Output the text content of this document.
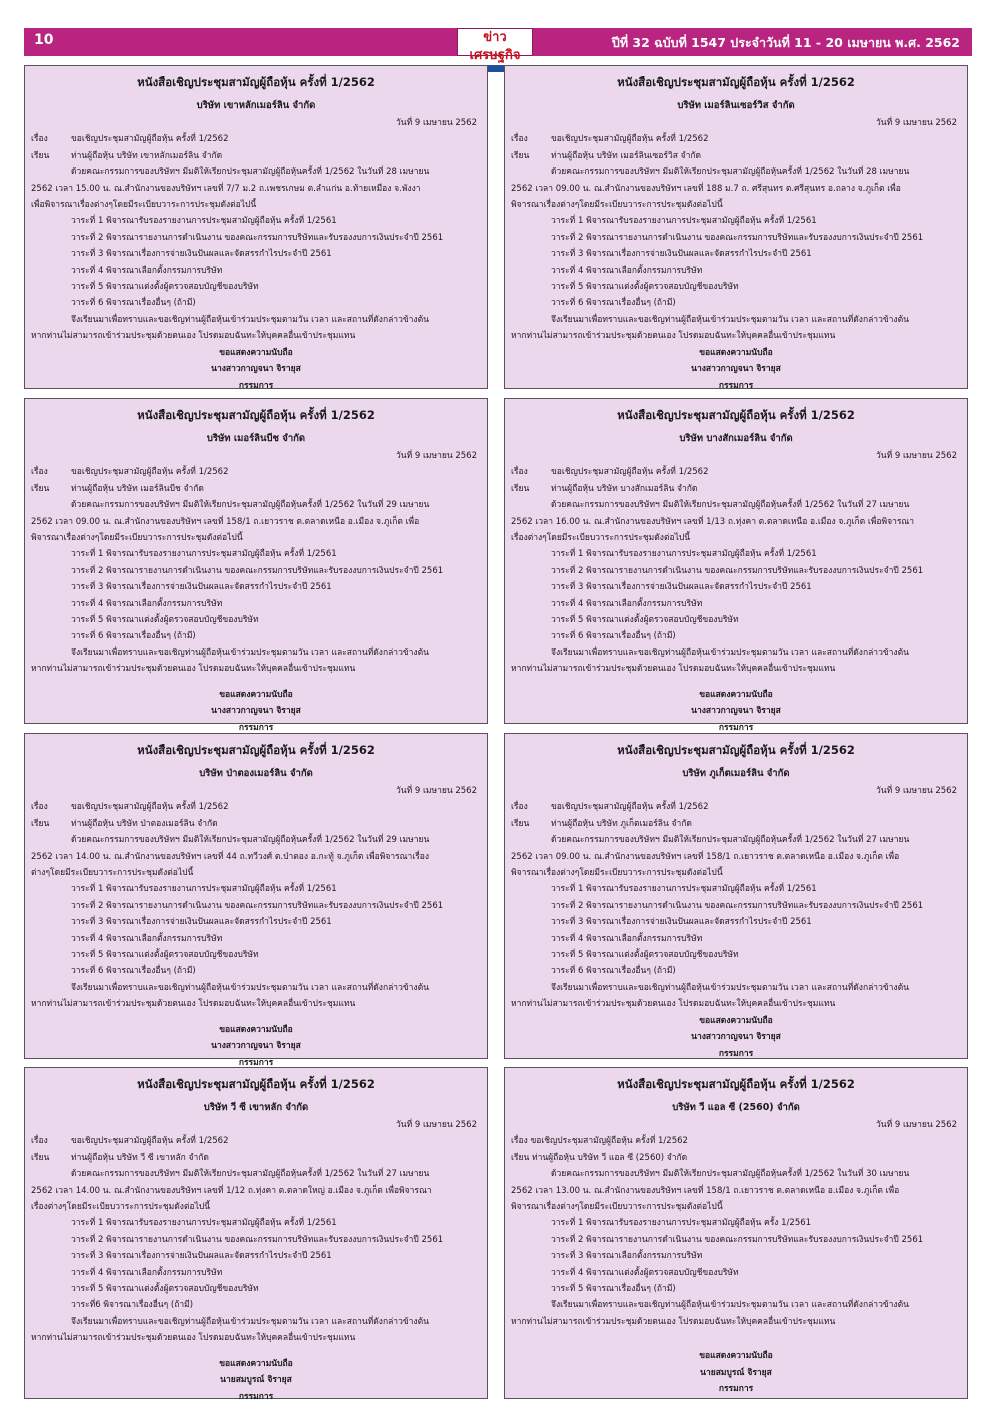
10	ข่าวเศรษฐกิจ
ปีที่ 32 ฉบับที่ 1547 ประจำวันที่ 11 - 20 เมษายน พ.ศ. 2562
หนังสือเชิญประชุมสามัญผู้ถือหุ้น ครั้งที่ 1/2562
บริษัท เขาหลักเมอร์ลิน จำกัด
วันที่ 9 เมษายน 2562
เรื่อง	ขอเชิญประชุมสามัญผู้ถือหุ้น ครั้งที่ 1/2562
เรียน	ท่านผู้ถือหุ้น บริษัท เขาหลักเมอร์ลิน จำกัด
ด้วยคณะกรรมการของบริษัทฯ มีมติให้เรียกประชุมสามัญผู้ถือหุ้นครั้งที่ 1/2562 ในวันที่ 28 เมษายน
2562 เวลา 15.00 น. ณ.สำนักงานของบริษัทฯ เลขที่ 7/7 ม.2 ถ.เพชรเกษม ต.ลำแก่น อ.ท้ายเหมือง จ.พังงา
เพื่อพิจารณาเรื่องต่างๆโดยมีระเบียบวาระการประชุมดังต่อไปนี้
วาระที่ 1 พิจารณารับรองรายงานการประชุมสามัญผู้ถือหุ้น ครั้งที่ 1/2561
วาระที่ 2 พิจารณารายงานการดำเนินงาน ของคณะกรรมการบริษัทและรับรองงบการเงินประจำปี 2561
วาระที่ 3 พิจารณาเรื่องการจ่ายเงินปันผลและจัดสรรกำไรประจำปี 2561
วาระที่ 4 พิจารณาเลือกตั้งกรรมการบริษัท
วาระที่ 5 พิจารณาแต่งตั้งผู้ตรวจสอบบัญชีของบริษัท
วาระที่ 6 พิจารณาเรื่องอื่นๆ (ถ้ามี)
จึงเรียนมาเพื่อทราบและขอเชิญท่านผู้ถือหุ้นเข้าร่วมประชุมตามวัน เวลา และสถานที่ดังกล่าวข้างต้น
หากท่านไม่สามารถเข้าร่วมประชุมด้วยตนเอง โปรดมอบฉันทะให้บุคคลอื่นเข้าประชุมแทน
ขอแสดงความนับถือ
นางสาวกาญจนา จิรายุส
กรรมการ
หนังสือเชิญประชุมสามัญผู้ถือหุ้น ครั้งที่ 1/2562
บริษัท เมอร์ลินเซอร์วิส จำกัด
วันที่ 9 เมษายน 2562
เรื่อง	ขอเชิญประชุมสามัญผู้ถือหุ้น ครั้งที่ 1/2562
เรียน	ท่านผู้ถือหุ้น บริษัท เมอร์ลินเซอร์วิส จำกัด
ด้วยคณะกรรมการของบริษัทฯ มีมติให้เรียกประชุมสามัญผู้ถือหุ้นครั้งที่ 1/2562 ในวันที่ 28 เมษายน
2562 เวลา 09.00 น. ณ.สำนักงานของบริษัทฯ เลขที่ 188 ม.7 ถ. ศรีสุนทร ต.ศรีสุนทร อ.ถลาง จ.ภูเก็ต เพื่อ
พิจารณาเรื่องต่างๆโดยมีระเบียบวาระการประชุมดังต่อไปนี้
วาระที่ 1 พิจารณารับรองรายงานการประชุมสามัญผู้ถือหุ้น ครั้งที่ 1/2561
วาระที่ 2 พิจารณารายงานการดำเนินงาน ของคณะกรรมการบริษัทและรับรองงบการเงินประจำปี 2561
วาระที่ 3 พิจารณาเรื่องการจ่ายเงินปันผลและจัดสรรกำไรประจำปี 2561
วาระที่ 4 พิจารณาเลือกตั้งกรรมการบริษัท
วาระที่ 5 พิจารณาแต่งตั้งผู้ตรวจสอบบัญชีของบริษัท
วาระที่ 6 พิจารณาเรื่องอื่นๆ (ถ้ามี)
จึงเรียนมาเพื่อทราบและขอเชิญท่านผู้ถือหุ้นเข้าร่วมประชุมตามวัน เวลา และสถานที่ดังกล่าวข้างต้น
หากท่านไม่สามารถเข้าร่วมประชุมด้วยตนเอง โปรดมอบฉันทะให้บุคคลอื่นเข้าประชุมแทน
ขอแสดงความนับถือ
นางสาวกาญจนา จิรายุส
กรรมการ
หนังสือเชิญประชุมสามัญผู้ถือหุ้น ครั้งที่ 1/2562
บริษัท เมอร์ลินบีช จำกัด
วันที่ 9 เมษายน 2562
เรื่อง	ขอเชิญประชุมสามัญผู้ถือหุ้น ครั้งที่ 1/2562
เรียน	ท่านผู้ถือหุ้น บริษัท เมอร์ลินบีช จำกัด
ด้วยคณะกรรมการของบริษัทฯ มีมติให้เรียกประชุมสามัญผู้ถือหุ้นครั้งที่ 1/2562 ในวันที่ 29 เมษายน
2562 เวลา 09.00 น. ณ.สำนักงานของบริษัทฯ เลขที่ 158/1 ถ.เยาวราช ต.ตลาดเหนือ อ.เมือง จ.ภูเก็ต เพื่อ
พิจารณาเรื่องต่างๆโดยมีระเบียบวาระการประชุมดังต่อไปนี้
วาระที่ 1 พิจารณารับรองรายงานการประชุมสามัญผู้ถือหุ้น ครั้งที่ 1/2561
วาระที่ 2 พิจารณารายงานการดำเนินงาน ของคณะกรรมการบริษัทและรับรองงบการเงินประจำปี 2561
วาระที่ 3 พิจารณาเรื่องการจ่ายเงินปันผลและจัดสรรกำไรประจำปี 2561
วาระที่ 4 พิจารณาเลือกตั้งกรรมการบริษัท
วาระที่ 5 พิจารณาแต่งตั้งผู้ตรวจสอบบัญชีของบริษัท
วาระที่ 6 พิจารณาเรื่องอื่นๆ (ถ้ามี)
จึงเรียนมาเพื่อทราบและขอเชิญท่านผู้ถือหุ้นเข้าร่วมประชุมตามวัน เวลา และสถานที่ดังกล่าวข้างต้น
หากท่านไม่สามารถเข้าร่วมประชุมด้วยตนเอง โปรดมอบฉันทะให้บุคคลอื่นเข้าประชุมแทน
ขอแสดงความนับถือ
นางสาวกาญจนา จิรายุส
กรรมการ
หนังสือเชิญประชุมสามัญผู้ถือหุ้น ครั้งที่ 1/2562
บริษัท บางสักเมอร์ลิน จำกัด
วันที่ 9 เมษายน 2562
เรื่อง	ขอเชิญประชุมสามัญผู้ถือหุ้น ครั้งที่ 1/2562
เรียน	ท่านผู้ถือหุ้น บริษัท บางสักเมอร์ลิน จำกัด
ด้วยคณะกรรมการของบริษัทฯ มีมติให้เรียกประชุมสามัญผู้ถือหุ้นครั้งที่ 1/2562 ในวันที่ 27 เมษายน
2562 เวลา 16.00 น. ณ.สำนักงานของบริษัทฯ เลขที่ 1/13 ถ.ทุ่งคา ต.ตลาดเหนือ อ.เมือง จ.ภูเก็ต เพื่อพิจารณา
เรื่องต่างๆโดยมีระเบียบวาระการประชุมดังต่อไปนี้
วาระที่ 1 พิจารณารับรองรายงานการประชุมสามัญผู้ถือหุ้น ครั้งที่ 1/2561
วาระที่ 2 พิจารณารายงานการดำเนินงาน ของคณะกรรมการบริษัทและรับรองงบการเงินประจำปี 2561
วาระที่ 3 พิจารณาเรื่องการจ่ายเงินปันผลและจัดสรรกำไรประจำปี 2561
วาระที่ 4 พิจารณาเลือกตั้งกรรมการบริษัท
วาระที่ 5 พิจารณาแต่งตั้งผู้ตรวจสอบบัญชีของบริษัท
วาระที่ 6 พิจารณาเรื่องอื่นๆ (ถ้ามี)
จึงเรียนมาเพื่อทราบและขอเชิญท่านผู้ถือหุ้นเข้าร่วมประชุมตามวัน เวลา และสถานที่ดังกล่าวข้างต้น
หากท่านไม่สามารถเข้าร่วมประชุมด้วยตนเอง โปรดมอบฉันทะให้บุคคลอื่นเข้าประชุมแทน
ขอแสดงความนับถือ
นางสาวกาญจนา จิรายุส
กรรมการ
หนังสือเชิญประชุมสามัญผู้ถือหุ้น ครั้งที่ 1/2562
บริษัท ป่าตองเมอร์ลิน จำกัด
วันที่ 9 เมษายน 2562
เรื่อง	ขอเชิญประชุมสามัญผู้ถือหุ้น ครั้งที่ 1/2562
เรียน	ท่านผู้ถือหุ้น บริษัท ป่าตองเมอร์ลิน จำกัด
ด้วยคณะกรรมการของบริษัทฯ มีมติให้เรียกประชุมสามัญผู้ถือหุ้นครั้งที่ 1/2562 ในวันที่ 29 เมษายน
2562 เวลา 14.00 น. ณ.สำนักงานของบริษัทฯ เลขที่ 44 ถ.ทวีวงศ์ ต.ป่าตอง อ.กะทู้ จ.ภูเก็ต เพื่อพิจารณาเรื่อง
ต่างๆโดยมีระเบียบวาระการประชุมดังต่อไปนี้
วาระที่ 1 พิจารณารับรองรายงานการประชุมสามัญผู้ถือหุ้น ครั้งที่ 1/2561
วาระที่ 2 พิจารณารายงานการดำเนินงาน ของคณะกรรมการบริษัทและรับรองงบการเงินประจำปี 2561
วาระที่ 3 พิจารณาเรื่องการจ่ายเงินปันผลและจัดสรรกำไรประจำปี 2561
วาระที่ 4 พิจารณาเลือกตั้งกรรมการบริษัท
วาระที่ 5 พิจารณาแต่งตั้งผู้ตรวจสอบบัญชีของบริษัท
วาระที่ 6 พิจารณาเรื่องอื่นๆ (ถ้ามี)
จึงเรียนมาเพื่อทราบและขอเชิญท่านผู้ถือหุ้นเข้าร่วมประชุมตามวัน เวลา และสถานที่ดังกล่าวข้างต้น
หากท่านไม่สามารถเข้าร่วมประชุมด้วยตนเอง โปรดมอบฉันทะให้บุคคลอื่นเข้าประชุมแทน
ขอแสดงความนับถือ
นางสาวกาญจนา จิรายุส
กรรมการ
หนังสือเชิญประชุมสามัญผู้ถือหุ้น ครั้งที่ 1/2562
บริษัท ภูเก็ตเมอร์ลิน จำกัด
วันที่ 9 เมษายน 2562
เรื่อง	ขอเชิญประชุมสามัญผู้ถือหุ้น ครั้งที่ 1/2562
เรียน	ท่านผู้ถือหุ้น บริษัท ภูเก็ตเมอร์ลิน จำกัด
ด้วยคณะกรรมการของบริษัทฯ มีมติให้เรียกประชุมสามัญผู้ถือหุ้นครั้งที่ 1/2562 ในวันที่ 27 เมษายน
2562 เวลา 09.00 น. ณ.สำนักงานของบริษัทฯ เลขที่ 158/1 ถ.เยาวราช ต.ตลาดเหนือ อ.เมือง จ.ภูเก็ต เพื่อ
พิจารณาเรื่องต่างๆโดยมีระเบียบวาระการประชุมดังต่อไปนี้
วาระที่ 1 พิจารณารับรองรายงานการประชุมสามัญผู้ถือหุ้น ครั้งที่ 1/2561
วาระที่ 2 พิจารณารายงานการดำเนินงาน ของคณะกรรมการบริษัทและรับรองงบการเงินประจำปี 2561
วาระที่ 3 พิจารณาเรื่องการจ่ายเงินปันผลและจัดสรรกำไรประจำปี 2561
วาระที่ 4 พิจารณาเลือกตั้งกรรมการบริษัท
วาระที่ 5 พิจารณาแต่งตั้งผู้ตรวจสอบบัญชีของบริษัท
วาระที่ 6 พิจารณาเรื่องอื่นๆ (ถ้ามี)
จึงเรียนมาเพื่อทราบและขอเชิญท่านผู้ถือหุ้นเข้าร่วมประชุมตามวัน เวลา และสถานที่ดังกล่าวข้างต้น
หากท่านไม่สามารถเข้าร่วมประชุมด้วยตนเอง โปรดมอบฉันทะให้บุคคลอื่นเข้าประชุมแทน
ขอแสดงความนับถือ
นางสาวกาญจนา จิรายุส
กรรมการ
หนังสือเชิญประชุมสามัญผู้ถือหุ้น ครั้งที่ 1/2562
บริษัท วี ซี เขาหลัก จำกัด
วันที่ 9 เมษายน 2562
เรื่อง	ขอเชิญประชุมสามัญผู้ถือหุ้น ครั้งที่ 1/2562
เรียน	ท่านผู้ถือหุ้น บริษัท วี ซี เขาหลัก จำกัด
ด้วยคณะกรรมการของบริษัทฯ มีมติให้เรียกประชุมสามัญผู้ถือหุ้นครั้งที่ 1/2562 ในวันที่ 27 เมษายน
2562 เวลา 14.00 น. ณ.สำนักงานของบริษัทฯ เลขที่ 1/12 ถ.ทุ่งคา ต.ตลาดใหญ่ อ.เมือง จ.ภูเก็ต เพื่อพิจารณา
เรื่องต่างๆโดยมีระเบียบวาระการประชุมดังต่อไปนี้
วาระที่ 1 พิจารณารับรองรายงานการประชุมสามัญผู้ถือหุ้น ครั้งที่ 1/2561
วาระที่ 2 พิจารณารายงานการดำเนินงาน ของคณะกรรมการบริษัทและรับรองงบการเงินประจำปี 2561
วาระที่ 3 พิจารณาเรื่องการจ่ายเงินปันผลและจัดสรรกำไรประจำปี 2561
วาระที่ 4 พิจารณาเลือกตั้งกรรมการบริษัท
วาระที่ 5 พิจารณาแต่งตั้งผู้ตรวจสอบบัญชีของบริษัท
วาระที่6 พิจารณาเรื่องอื่นๆ (ถ้ามี)
จึงเรียนมาเพื่อทราบและขอเชิญท่านผู้ถือหุ้นเข้าร่วมประชุมตามวัน เวลา และสถานที่ดังกล่าวข้างต้น
หากท่านไม่สามารถเข้าร่วมประชุมด้วยตนเอง โปรดมอบฉันทะให้บุคคลอื่นเข้าประชุมแทน
ขอแสดงความนับถือ
นายสมบูรณ์ จิรายุส
กรรมการ
หนังสือเชิญประชุมสามัญผู้ถือหุ้น ครั้งที่ 1/2562
บริษัท วี แอล ซี (2560) จำกัด
วันที่ 9 เมษายน 2562
เรื่อง ขอเชิญประชุมสามัญผู้ถือหุ้น ครั้งที่ 1/2562
เรียน ท่านผู้ถือหุ้น บริษัท วี แอล ซี (2560) จำกัด
ด้วยคณะกรรมการของบริษัทฯ มีมติให้เรียกประชุมสามัญผู้ถือหุ้นครั้งที่ 1/2562 ในวันที่ 30 เมษายน
2562 เวลา 13.00 น. ณ.สำนักงานของบริษัทฯ เลขที่ 158/1 ถ.เยาวราช ต.ตลาดเหนือ อ.เมือง จ.ภูเก็ต เพื่อ
พิจารณาเรื่องต่างๆโดยมีระเบียบวาระการประชุมดังต่อไปนี้
วาระที่ 1 พิจารณารับรองรายงานการประชุมสามัญผู้ถือหุ้น ครั้ง 1/2561
วาระที่ 2 พิจารณารายงานการดำเนินงาน ของคณะกรรมการบริษัทและรับรองงบการเงินประจำปี 2561
วาระที่ 3 พิจารณาเลือกตั้งกรรมการบริษัท
วาระที่ 4 พิจารณาแต่งตั้งผู้ตรวจสอบบัญชีของบริษัท
วาระที่ 5 พิจารณาเรื่องอื่นๆ (ถ้ามี)
จึงเรียนมาเพื่อทราบและขอเชิญท่านผู้ถือหุ้นเข้าร่วมประชุมตามวัน เวลา และสถานที่ดังกล่าวข้างต้น
หากท่านไม่สามารถเข้าร่วมประชุมด้วยตนเอง โปรดมอบฉันทะให้บุคคลอื่นเข้าประชุมแทน
ขอแสดงความนับถือ
นายสมบูรณ์ จิรายุส
กรรมการ
